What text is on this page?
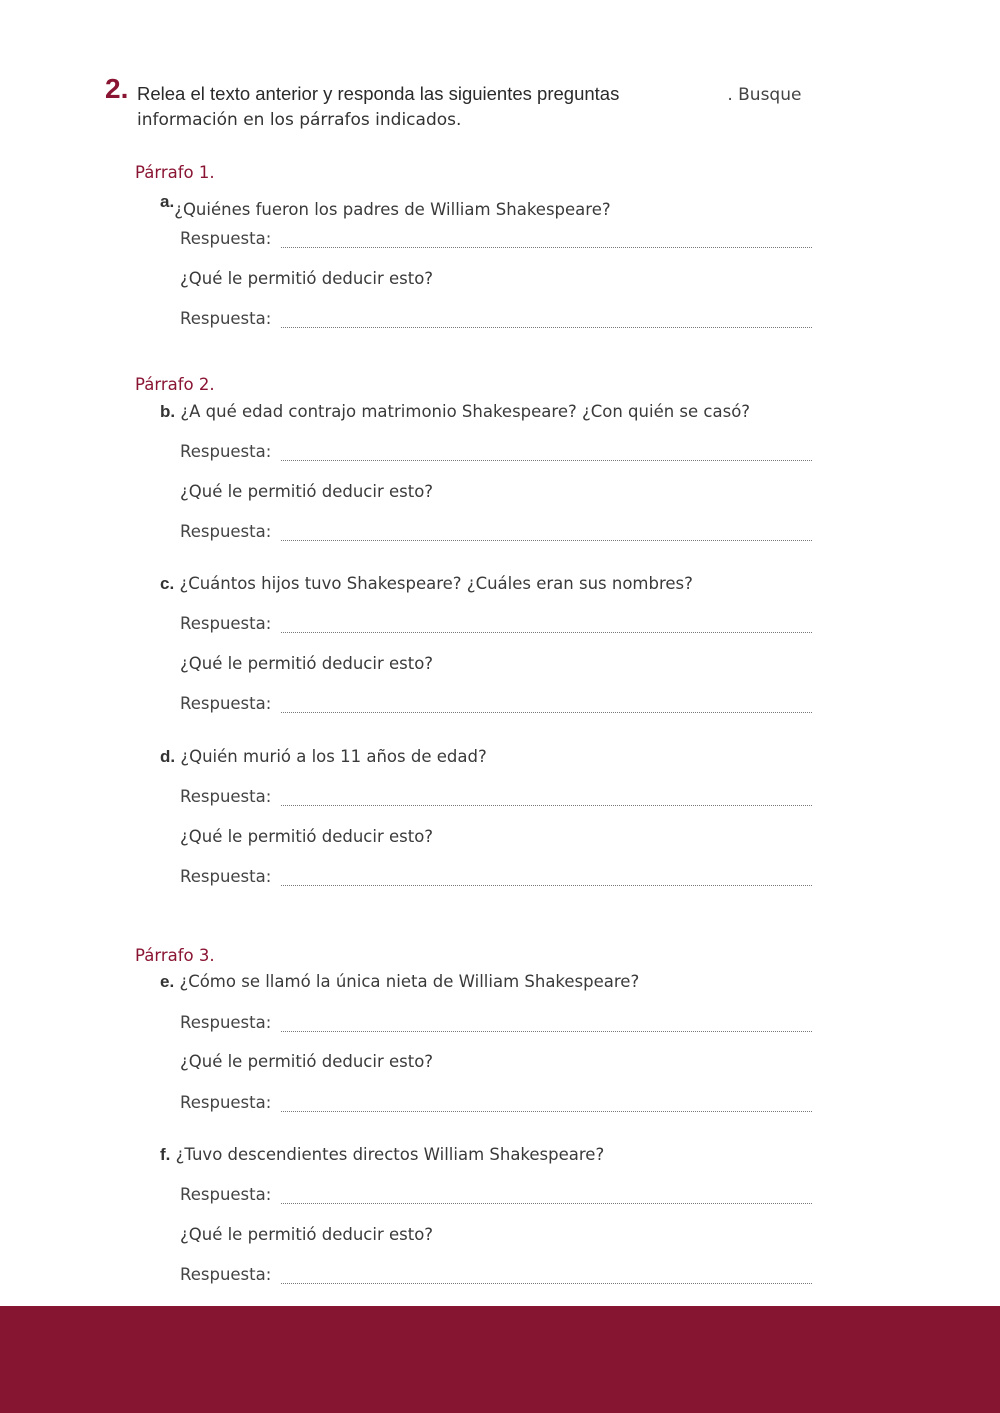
2. Relea el texto anterior y responda las siguientes preguntas	. Busque
información en los párrafos indicados.
Párrafo 1.
a.¿Quiénes fueron los padres de William Shakespeare?
Respuesta:
¿Qué le permitió deducir esto?
Respuesta:
Párrafo 2.
b. ¿A qué edad contrajo matrimonio Shakespeare? ¿Con quién se casó?
Respuesta:
¿Qué le permitió deducir esto?
Respuesta:
c. ¿Cuántos hijos tuvo Shakespeare? ¿Cuáles eran sus nombres?
Respuesta:
¿Qué le permitió deducir esto?
Respuesta:
d. ¿Quién murió a los 11 años de edad?
Respuesta:
¿Qué le permitió deducir esto?
Respuesta:
Párrafo 3.
e. ¿Cómo se llamó la única nieta de William Shakespeare?
Respuesta:
¿Qué le permitió deducir esto?
Respuesta:
f. ¿Tuvo descendientes directos William Shakespeare?
Respuesta:
¿Qué le permitió deducir esto?
Respuesta:
